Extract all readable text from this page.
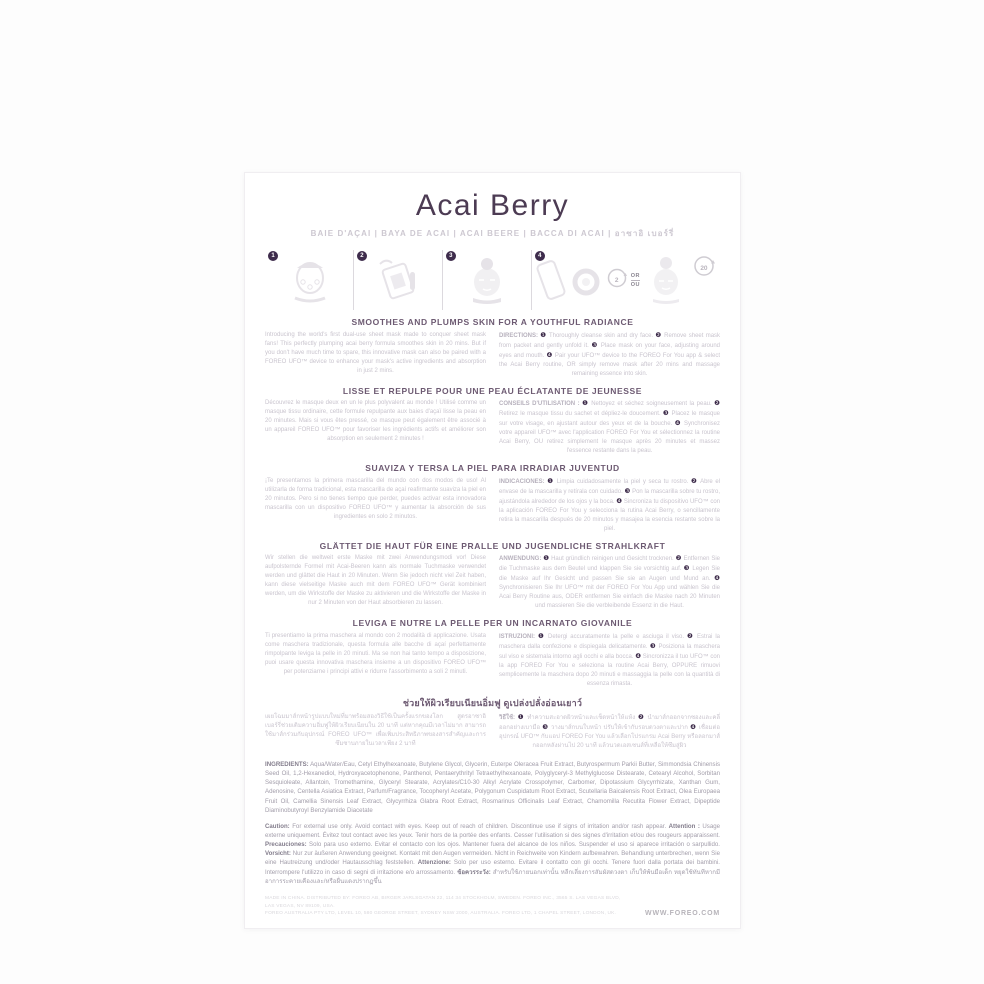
Acai Berry
BAIE D'AÇAI | BAYA DE ACAI | ACAI BEERE | BACCA DI ACAI | อาซาอิ เบอร์รี่
1	2	3	4
2
OR
OU
20
SMOOTHES AND PLUMPS SKIN FOR A YOUTHFUL RADIANCE

Introducing the world's first dual-use sheet mask made to conquer sheet mask fans! This perfectly plumping acai berry formula smoothes skin in 20 mins. But if you don't have much time to spare, this innovative mask can also be paired with a FOREO UFO™ device to enhance your mask's active ingredients and absorption in just 2 mins.

DIRECTIONS: ❶ Thoroughly cleanse skin and dry face. ❷ Remove sheet mask from packet and gently unfold it. ❸ Place mask on your face, adjusting around eyes and mouth. ❹ Pair your UFO™ device to the FOREO For You app & select the Acai Berry routine, OR simply remove mask after 20 mins and massage remaining essence into skin.

LISSE ET REPULPE POUR UNE PEAU ÉCLATANTE DE JEUNESSE

Découvrez le masque deux en un le plus polyvalent au monde ! Utilisé comme un masque tissu ordinaire, cette formule repulpante aux baies d'açaï lisse la peau en 20 minutes. Mais si vous êtes pressé, ce masque peut également être associé à un appareil FOREO UFO™ pour favoriser les ingrédients actifs et améliorer son absorption en seulement 2 minutes !

CONSEILS D'UTILISATION : ❶ Nettoyez et séchez soigneusement la peau. ❷ Retirez le masque tissu du sachet et dépliez-le doucement. ❸ Placez le masque sur votre visage, en ajustant autour des yeux et de la bouche. ❹ Synchronisez votre appareil UFO™ avec l'application FOREO For You et sélectionnez la routine Acai Berry, OU retirez simplement le masque après 20 minutes et massez l'essence restante dans la peau.

SUAVIZA Y TERSA LA PIEL PARA IRRADIAR JUVENTUD

¡Te presentamos la primera mascarilla del mundo con dos modos de uso! Al utilizarla de forma tradicional, esta mascarilla de açaí reafirmante suaviza la piel en 20 minutos. Pero si no tienes tiempo que perder, puedes activar esta innovadora mascarilla con un dispositivo FOREO UFO™ y aumentar la absorción de sus ingredientes en solo 2 minutos.

INDICACIONES: ❶ Limpia cuidadosamente la piel y seca tu rostro. ❷ Abre el envase de la mascarilla y retírala con cuidado. ❸ Pon la mascarilla sobre tu rostro, ajustándola alrededor de los ojos y la boca. ❹ Sincroniza tu dispositivo UFO™ con la aplicación FOREO For You y selecciona la rutina Acai Berry, o sencillamente retira la mascarilla después de 20 minutos y masajea la esencia restante sobre la piel.

GLÄTTET DIE HAUT FÜR EINE PRALLE UND JUGENDLICHE STRAHLKRAFT

Wir stellen die weltweit erste Maske mit zwei Anwendungsmodi vor! Diese aufpolsternde Formel mit Acai-Beeren kann als normale Tuchmaske verwendet werden und glättet die Haut in 20 Minuten. Wenn Sie jedoch nicht viel Zeit haben, kann diese vielseitige Maske auch mit dem FOREO UFO™ Gerät kombiniert werden, um die Wirkstoffe der Maske zu aktivieren und die Wirkstoffe der Maske in nur 2 Minuten von der Haut absorbieren zu lassen.

ANWENDUNG: ❶ Haut gründlich reinigen und Gesicht trocknen. ❷ Entfernen Sie die Tuchmaske aus dem Beutel und klappen Sie sie vorsichtig auf. ❸ Legen Sie die Maske auf Ihr Gesicht und passen Sie sie an Augen und Mund an. ❹ Synchronisieren Sie Ihr UFO™ mit der FOREO For You App und wählen Sie die Acai Berry Routine aus, ODER entfernen Sie einfach die Maske nach 20 Minuten und massieren Sie die verbleibende Essenz in die Haut.

LEVIGA E NUTRE LA PELLE PER UN INCARNATO GIOVANILE

Ti presentiamo la prima maschera al mondo con 2 modalità di applicazione. Usata come maschera tradizionale, questa formula alle bacche di açaí perfettamente rimpolpante leviga la pelle in 20 minuti. Ma se non hai tanto tempo a disposizione, puoi usare questa innovativa maschera insieme a un dispositivo FOREO UFO™ per potenziarne i principi attivi e ridurre l'assorbimento a soli 2 minuti.

ISTRUZIONI: ❶ Detergi accuratamente la pelle e asciuga il viso. ❷ Estrai la maschera dalla confezione e dispiegala delicatamente. ❸ Posiziona la maschera sul viso e sistemala intorno agli occhi e alla bocca. ❹ Sincronizza il tuo UFO™ con la app FOREO For You e seleziona la routine Acai Berry, OPPURE rimuovi semplicemente la maschera dopo 20 minuti e massaggia la pelle con la quantità di essenza rimasta.

ช่วยให้ผิวเรียบเนียนอิ่มฟู ดูเปล่งปลั่งอ่อนเยาว์

เผยโฉมมาส์กหน้ารูปแบบใหม่ที่มาพร้อมสองวิธีใช้เป็นครั้งแรกของโลก สูตรอาซาอิเบอร์รี่ช่วยเติมความอิ่มฟูให้ผิวเรียบเนียนใน 20 นาที แต่หากคุณมีเวลาไม่มาก สามารถใช้มาส์กร่วมกับอุปกรณ์ FOREO UFO™ เพื่อเพิ่มประสิทธิภาพของสารสำคัญและการซึมซาบภายในเวลาเพียง 2 นาที

วิธีใช้: ❶ ทำความสะอาดผิวหน้าและเช็ดหน้าให้แห้ง ❷ นำมาส์กออกจากซองและคลี่ออกอย่างเบามือ ❸ วางมาส์กบนใบหน้า ปรับให้เข้ากับรอบดวงตาและปาก ❹ เชื่อมต่ออุปกรณ์ UFO™ กับแอป FOREO For You แล้วเลือกโปรแกรม Acai Berry หรือลอกมาส์กออกหลังผ่านไป 20 นาที แล้วนวดเอสเซนส์ที่เหลือให้ซึมสู่ผิว

INGREDIENTS: Aqua/Water/Eau, Cetyl Ethylhexanoate, Butylene Glycol, Glycerin, Euterpe Oleracea Fruit Extract, Butyrospermum Parkii Butter, Simmondsia Chinensis Seed Oil, 1,2-Hexanediol, Hydroxyacetophenone, Panthenol, Pentaerythrityl Tetraethylhexanoate, Polyglyceryl-3 Methylglucose Distearate, Cetearyl Alcohol, Sorbitan Sesquioleate, Allantoin, Tromethamine, Glyceryl Stearate, Acrylates/C10-30 Alkyl Acrylate Crosspolymer, Carbomer, Dipotassium Glycyrrhizate, Xanthan Gum, Adenosine, Centella Asiatica Extract, Parfum/Fragrance, Tocopheryl Acetate, Polygonum Cuspidatum Root Extract, Scutellaria Baicalensis Root Extract, Olea Europaea Fruit Oil, Camellia Sinensis Leaf Extract, Glycyrrhiza Glabra Root Extract, Rosmarinus Officinalis Leaf Extract, Chamomilla Recutita Flower Extract, Dipeptide Diaminobutyroyl Benzylamide Diacetate

Caution: For external use only. Avoid contact with eyes. Keep out of reach of children. Discontinue use if signs of irritation and/or rash appear. Attention : Usage externe uniquement. Évitez tout contact avec les yeux. Tenir hors de la portée des enfants. Cesser l'utilisation si des signes d'irritation et/ou des rougeurs apparaissent. Precauciones: Solo para uso externo. Evitar el contacto con los ojos. Mantener fuera del alcance de los niños. Suspender el uso si aparece irritación o sarpullido. Vorsicht: Nur zur äußeren Anwendung geeignet. Kontakt mit den Augen vermeiden. Nicht in Reichweite von Kindern aufbewahren. Behandlung unterbrechen, wenn Sie eine Hautreizung und/oder Hautausschlag feststellen. Attenzione: Solo per uso esterno. Evitare il contatto con gli occhi. Tenere fuori dalla portata dei bambini. Interrompere l'utilizzo in caso di segni di irritazione e/o arrossamento. ข้อควรระวัง: สำหรับใช้ภายนอกเท่านั้น หลีกเลี่ยงการสัมผัสดวงตา เก็บให้พ้นมือเด็ก หยุดใช้ทันทีหากมีอาการระคายเคืองและ/หรือผื่นแดงปรากฏขึ้น

MADE IN CHINA. DISTRIBUTED BY: FOREO AB, BIRGER JARLSGATAN 22, 114 34 STOCKHOLM, SWEDEN. FOREO INC., 3565 S. LAS VEGAS BLVD, LAS VEGAS, NV 89109, USA.
FOREO AUSTRALIA PTY LTD, LEVEL 10, 580 GEORGE STREET, SYDNEY NSW 2000, AUSTRALIA. FOREO LTD, 1 CHAPEL STREET, LONDON, UK.	WWW.FOREO.COM
